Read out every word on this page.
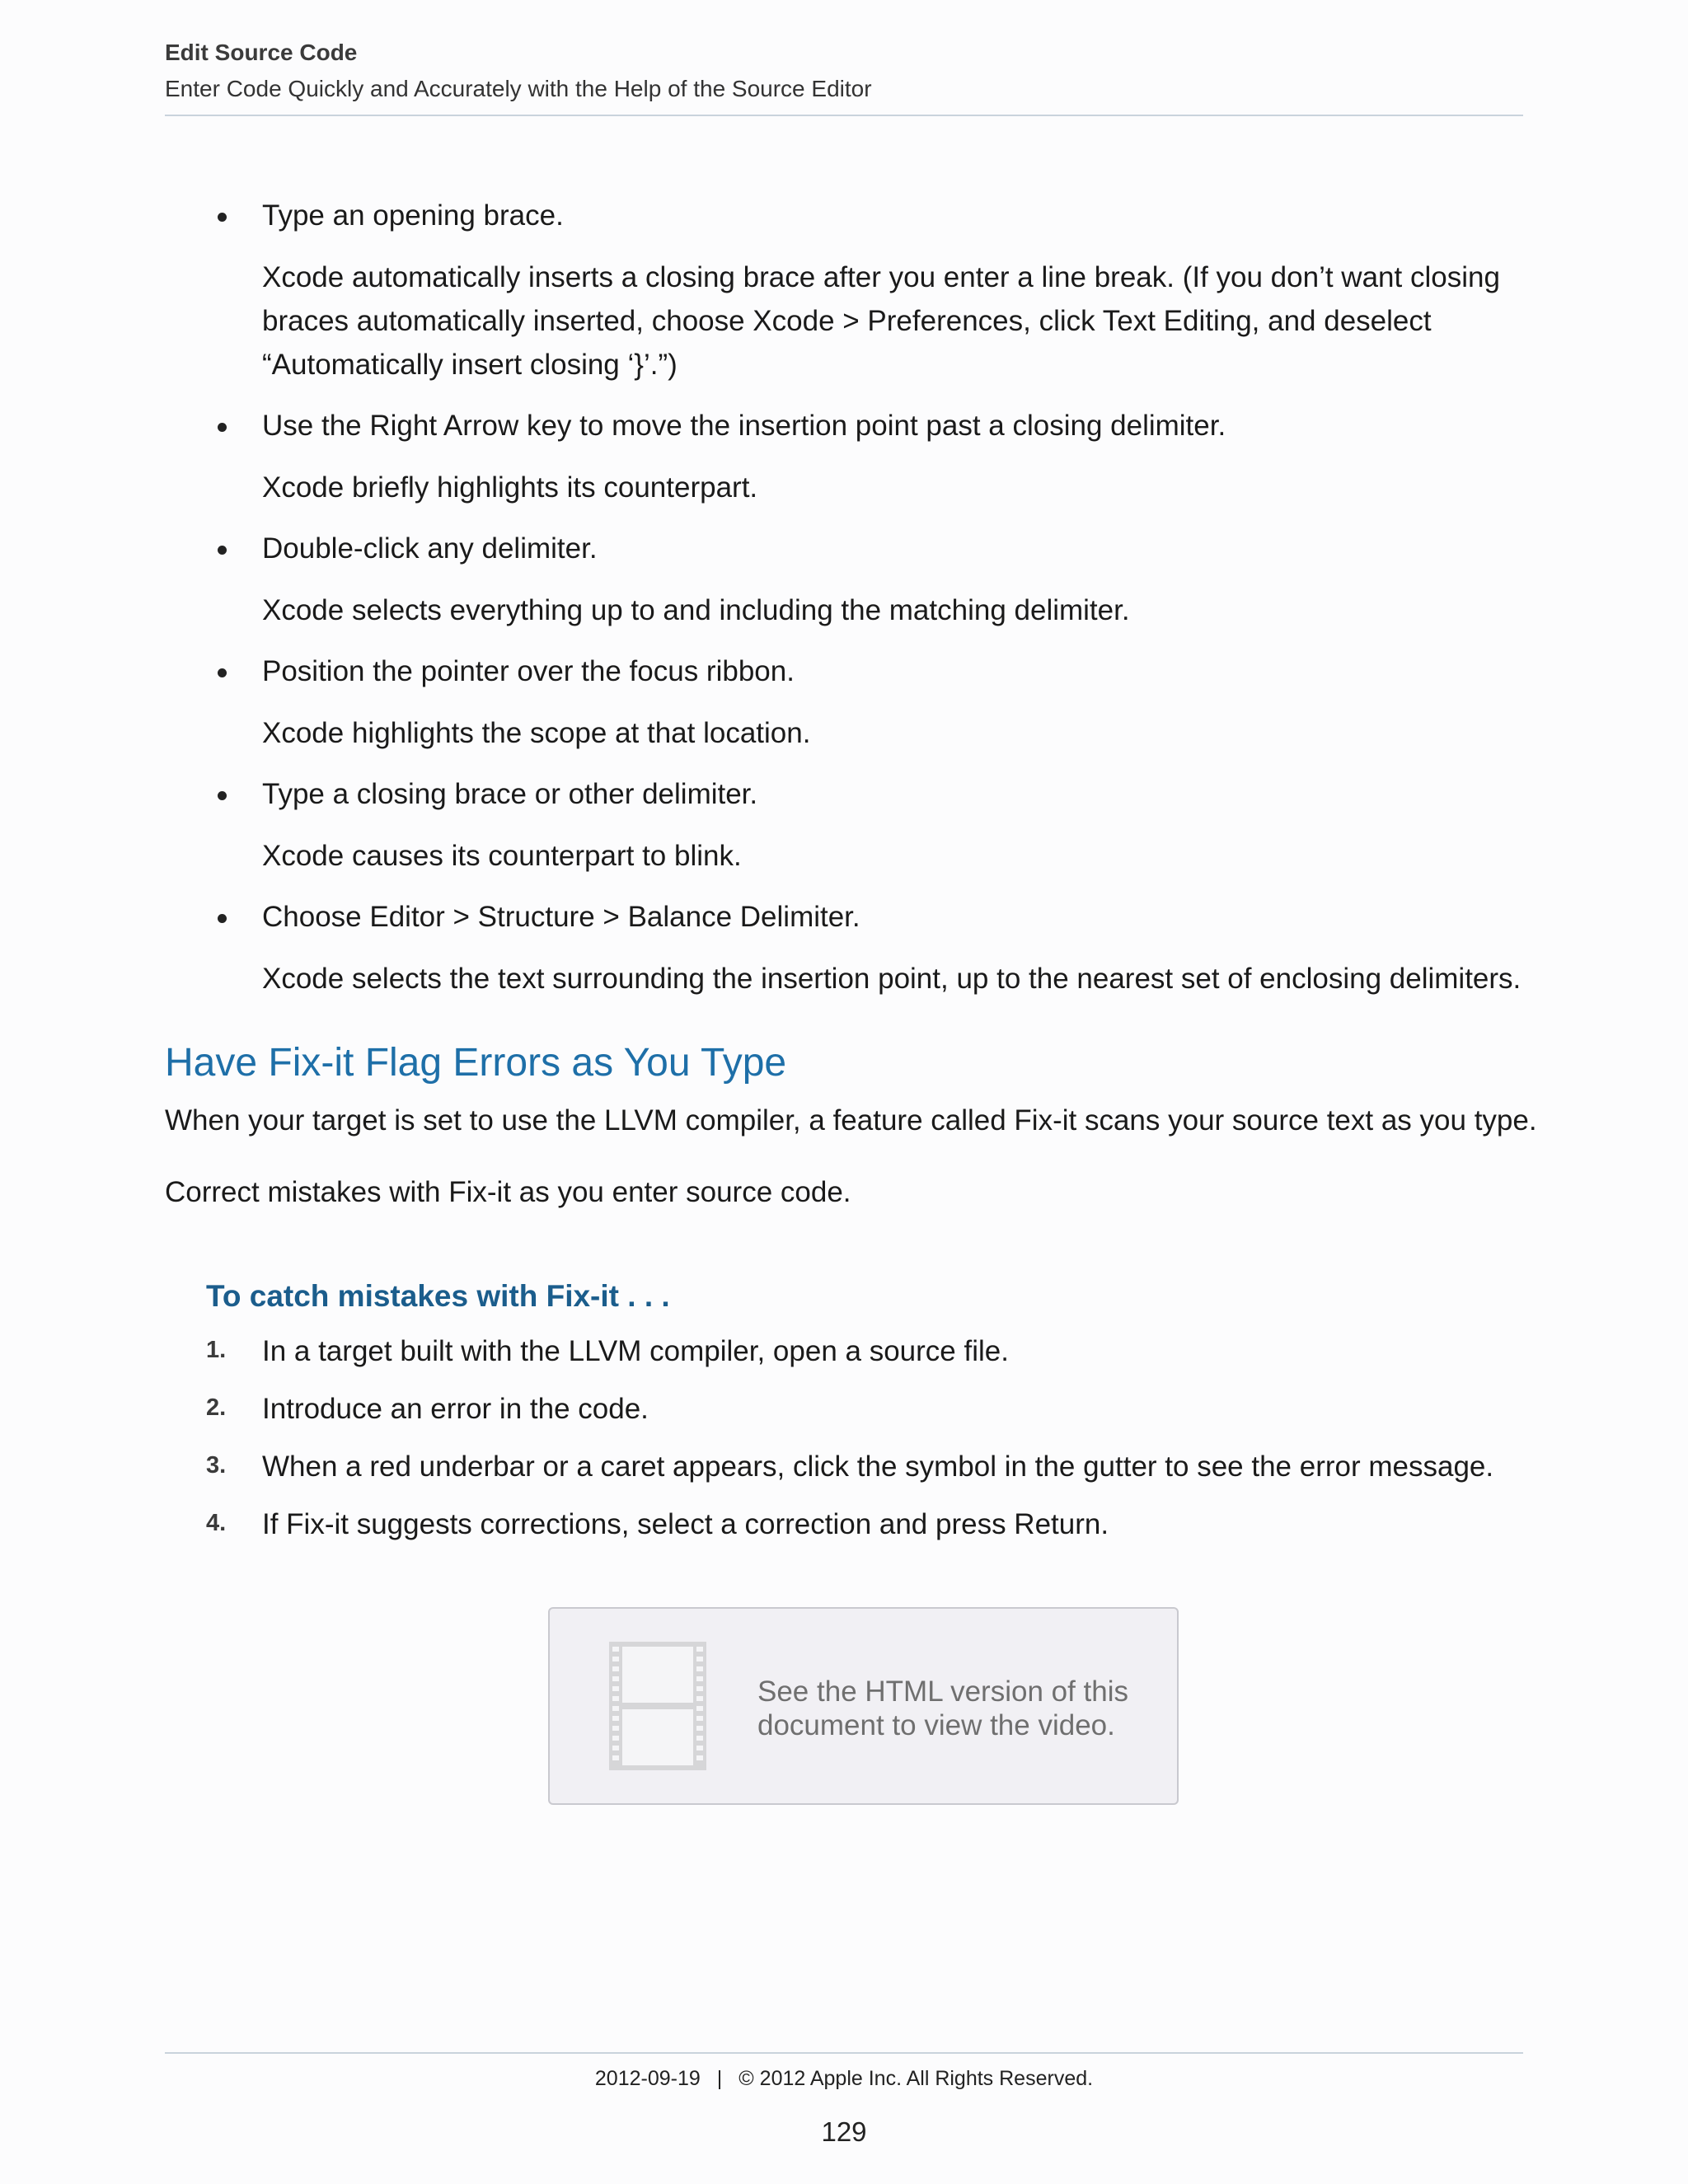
Edit Source Code
Enter Code Quickly and Accurately with the Help of the Source Editor

Type an opening brace.

Xcode automatically inserts a closing brace after you enter a line break. (If you don’t want closing braces automatically inserted, choose Xcode > Preferences, click Text Editing, and deselect “Automatically insert closing ‘}’.”)

Use the Right Arrow key to move the insertion point past a closing delimiter.

Xcode briefly highlights its counterpart.

Double-click any delimiter.

Xcode selects everything up to and including the matching delimiter.

Position the pointer over the focus ribbon.

Xcode highlights the scope at that location.

Type a closing brace or other delimiter.

Xcode causes its counterpart to blink.

Choose Editor > Structure > Balance Delimiter.

Xcode selects the text surrounding the insertion point, up to the nearest set of enclosing delimiters.

Have Fix-it Flag Errors as You Type

When your target is set to use the LLVM compiler, a feature called Fix-it scans your source text as you type.

Correct mistakes with Fix-it as you enter source code.

To catch mistakes with Fix-it . . .
1. In a target built with the LLVM compiler, open a source file.
2. Introduce an error in the code.
3. When a red underbar or a caret appears, click the symbol in the gutter to see the error message.
4. If Fix-it suggests corrections, select a correction and press Return.
See the HTML version of this document to view the video.
2012-09-19 | © 2012 Apple Inc. All Rights Reserved.
129
